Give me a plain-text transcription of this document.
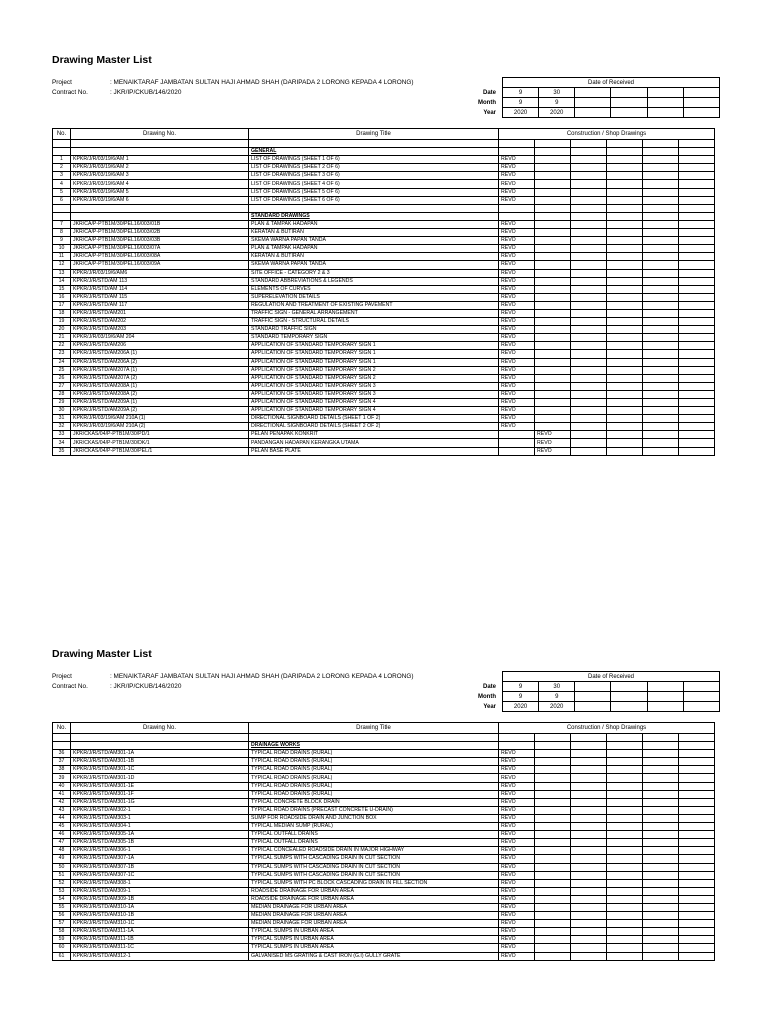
Drawing Master List
Project	: MENAIKTARAF JAMBATAN SULTAN HAJI AHMAD SHAH (DARIPADA 2 LORONG KEPADA 4 LORONG)
Contract No.	: JKR/IP/CKUB/146/2020
	Date of Received					
Date	9	30				
Month	9	9				
Year	2020	2020				
No.	Drawing No.	Drawing Title	Construction / Shop Drawings					

		GENERAL						
1	KPKR/J/R/03/19/6/AM 1	LIST OF DRAWINGS (SHEET 1 OF 6)	REVO					
2	KPKR/J/R/03/19/6/AM 2	LIST OF DRAWINGS (SHEET 2 OF 6)	REVO					
3	KPKR/J/R/03/19/6/AM 3	LIST OF DRAWINGS (SHEET 3 OF 6)	REVO					
4	KPKR/J/R/03/19/6/AM 4	LIST OF DRAWINGS (SHEET 4 OF 6)	REVO					
5	KPKR/J/R/03/19/6/AM 5	LIST OF DRAWINGS (SHEET 5 OF 6)	REVO					
6	KPKR/J/R/03/19/6/AM 6	LIST OF DRAWINGS (SHEET 6 OF 6)	REVO					

		STANDARD DRAWINGS						
7	JKR/CA/P-PTB1M/30/PEL16/003/01B	PLAN & TAMPAK HADAPAN	REVO					
8	JKR/CA/P-PTB1M/30/PEL16/003/02B	KERATAN & BUTIRAN	REVO					
9	JKR/CA/P-PTB1M/30/PEL16/003/03B	SKEMA WARNA PAPAN TANDA	REVO					
10	JKR/CA/P-PTB1M/30/PEL16/003/07A	PLAN & TAMPAK HADAPAN	REVO					
11	JKR/CA/P-PTB1M/30/PEL16/003/08A	KERATAN & BUTIRAN	REVO					
12	JKR/CA/P-PTB1M/30/PEL16/003/09A	SKEMA WARNA PAPAN TANDA	REVO					
13	KPKR/J/R/03/19/6/AM6	SITE OFFICE - CATEGORY 2 & 3	REVO					
14	KPKR/J/R/STD/AM 113	STANDARD ABBREVIATIONS & LEGENDS	REVO					
15	KPKR/J/R/STD/AM 114	ELEMENTS OF CURVES	REVO					
16	KPKR/J/R/STD/AM 115	SUPERELEVATION DETAILS	REVO					
17	KPKR/J/R/STD/AM 117	REGULATION AND TREATMENT OF EXISTING PAVEMENT	REVO					
18	KPKR/J/R/STD/AM201	TRAFFIC SIGN - GENERAL ARRANGEMENT	REVO					
19	KPKR/J/R/STD/AM202	TRAFFIC SIGN - STRUCTURAL DETAILS	REVO					
20	KPKR/J/R/STD/AM203	STANDARD TRAFFIC SIGN	REVO					
21	KPKR/J/R/03/19/6/AM 204	STANDARD TEMPORARY SIGN	REVO					
22	KPKR/J/R/STD/AM206	APPLICATION OF STANDARD TEMPORARY SIGN 1	REVO					
23	KPKR/J/R/STD/AM206A (1)	APPLICATION OF STANDARD TEMPORARY SIGN 1	REVO					
24	KPKR/J/R/STD/AM206A (2)	APPLICATION OF STANDARD TEMPORARY SIGN 1	REVO					
25	KPKR/J/R/STD/AM207A (1)	APPLICATION OF STANDARD TEMPORARY SIGN 2	REVO					
26	KPKR/J/R/STD/AM207A (2)	APPLICATION OF STANDARD TEMPORARY SIGN 2	REVO					
27	KPKR/J/R/STD/AM208A (1)	APPLICATION OF STANDARD TEMPORARY SIGN 3	REVO					
28	KPKR/J/R/STD/AM208A (2)	APPLICATION OF STANDARD TEMPORARY SIGN 3	REVO					
29	KPKR/J/R/STD/AM209A (1)	APPLICATION OF STANDARD TEMPORARY SIGN 4	REVO					
30	KPKR/J/R/STD/AM209A (2)	APPLICATION OF STANDARD TEMPORARY SIGN 4	REVO					
31	KPKR/J/R/03/19/6/AM 210A (1)	DIRECTIONAL SIGNBOARD DETAILS (SHEET 1 OF 2)	REVO					
32	KPKR/J/R/03/19/6/AM 210A (2)	DIRECTIONAL SIGNBOARD DETAILS (SHEET 2 OF 2)	REVO					
33	JKR/CKAS/04/P-PTB1M/30/PD/1	PELAN PENAPAK KONKRIT		REVO				
34	JKR/CKAS/04/P-PTB1M/30/DK/1	PANDANGAN HADAPAN KERANGKA UTAMA		REVO				
35	JKR/CKAS/04/P-PTB1M/30/PEL/1	PELAN BASE PLATE		REVO				
Drawing Master List
Project	: MENAIKTARAF JAMBATAN SULTAN HAJI AHMAD SHAH (DARIPADA 2 LORONG KEPADA 4 LORONG)
Contract No.	: JKR/IP/CKUB/146/2020
	Date of Received					
Date	9	30				
Month	9	9				
Year	2020	2020				
No.	Drawing No.	Drawing Title	Construction / Shop Drawings					

		DRAINAGE WORKS						
36	KPKR/J/R/STD/AM301-1A	TYPICAL ROAD DRAINS (RURAL)	REVO					
37	KPKR/J/R/STD/AM301-1B	TYPICAL ROAD DRAINS (RURAL)	REVO					
38	KPKR/J/R/STD/AM301-1C	TYPICAL ROAD DRAINS (RURAL)	REVO					
39	KPKR/J/R/STD/AM301-1D	TYPICAL ROAD DRAINS (RURAL)	REVO					
40	KPKR/J/R/STD/AM301-1E	TYPICAL ROAD DRAINS (RURAL)	REVO					
41	KPKR/J/R/STD/AM301-1F	TYPICAL ROAD DRAINS (RURAL)	REVO					
42	KPKR/J/R/STD/AM301-1G	TYPICAL CONCRETE BLOCK DRAIN	REVO					
43	KPKR/J/R/STD/AM302-1	TYPICAL ROAD DRAINS (PRECAST CONCRETE U-DRAIN)	REVO					
44	KPKR/J/R/STD/AM303-1	SUMP FOR ROADSIDE DRAIN AND JUNCTION BOX	REVO					
45	KPKR/J/R/STD/AM304-1	TYPICAL MEDIAN SUMP (RURAL)	REVO					
46	KPKR/J/R/STD/AM305-1A	TYPICAL OUTFALL DRAINS	REVO					
47	KPKR/J/R/STD/AM305-1B	TYPICAL OUTFALL DRAINS	REVO					
48	KPKR/J/R/STD/AM306-1	TYPICAL CONCEALED ROADSIDE DRAIN IN MAJOR HIGHWAY	REVO					
49	KPKR/J/R/STD/AM307-1A	TYPICAL SUMPS WITH CASCADING DRAIN IN CUT SECTION	REVO					
50	KPKR/J/R/STD/AM307-1B	TYPICAL SUMPS WITH CASCADING DRAIN IN CUT SECTION	REVO					
51	KPKR/J/R/STD/AM307-1C	TYPICAL SUMPS WITH CASCADING DRAIN IN CUT SECTION	REVO					
52	KPKR/J/R/STD/AM308-1	TYPICAL SUMPS WITH PC BLOCK CASCADING DRAIN IN FILL SECTION	REVO					
53	KPKR/J/R/STD/AM309-1	ROADSIDE DRAINAGE FOR URBAN AREA	REVO					
54	KPKR/J/R/STD/AM309-1B	ROADSIDE DRAINAGE FOR URBAN AREA	REVO					
55	KPKR/J/R/STD/AM310-1A	MEDIAN DRAINAGE FOR URBAN AREA	REVO					
56	KPKR/J/R/STD/AM310-1B	MEDIAN DRAINAGE FOR URBAN AREA	REVO					
57	KPKR/J/R/STD/AM310-1C	MEDIAN DRAINAGE FOR URBAN AREA	REVO					
58	KPKR/J/R/STD/AM311-1A	TYPICAL SUMPS IN URBAN AREA	REVO					
59	KPKR/J/R/STD/AM311-1B	TYPICAL SUMPS IN URBAN AREA	REVO					
60	KPKR/J/R/STD/AM311-1C	TYPICAL SUMPS IN URBAN AREA	REVO					
61	KPKR/J/R/STD/AM312-1	GALVANISED MS GRATING & CAST IRON (G.I) GULLY GRATE	REVO					
